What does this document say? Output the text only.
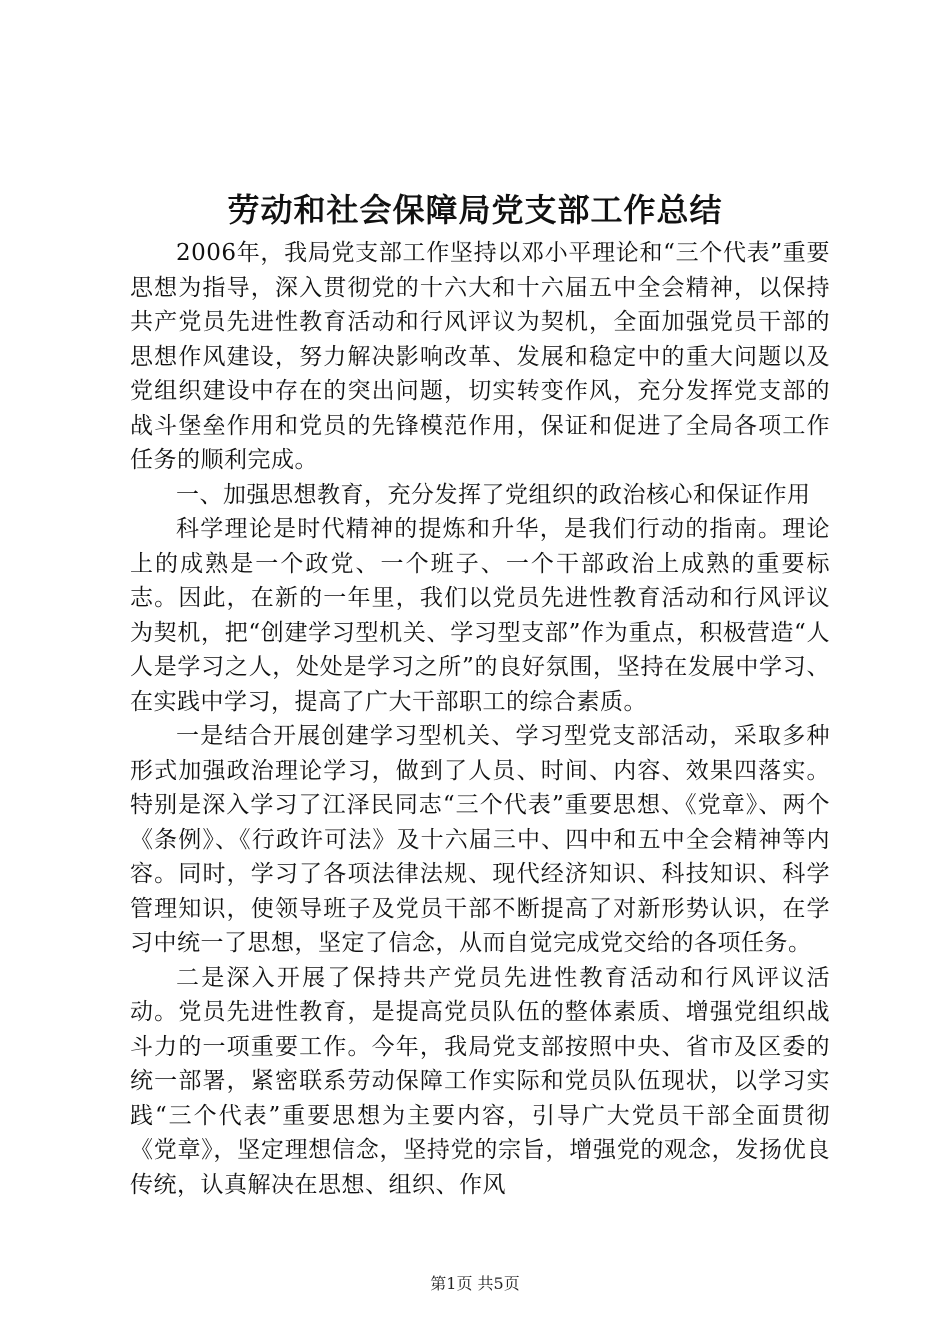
劳动和社会保障局党支部工作总结

2006年，我局党支部工作坚持以邓小平理论和“三个代表”重要思想为指导，深入贯彻党的十六大和十六届五中全会精神，以保持共产党员先进性教育活动和行风评议为契机，全面加强党员干部的思想作风建设，努力解决影响改革、发展和稳定中的重大问题以及党组织建设中存在的突出问题，切实转变作风，充分发挥党支部的战斗堡垒作用和党员的先锋模范作用，保证和促进了全局各项工作任务的顺利完成。

一、加强思想教育，充分发挥了党组织的政治核心和保证作用

科学理论是时代精神的提炼和升华，是我们行动的指南。理论上的成熟是一个政党、一个班子、一个干部政治上成熟的重要标志。因此，在新的一年里，我们以党员先进性教育活动和行风评议为契机，把“创建学习型机关、学习型支部”作为重点，积极营造“人人是学习之人，处处是学习之所”的良好氛围，坚持在发展中学习、在实践中学习，提高了广大干部职工的综合素质。

一是结合开展创建学习型机关、学习型党支部活动，采取多种形式加强政治理论学习，做到了人员、时间、内容、效果四落实。特别是深入学习了江泽民同志“三个代表”重要思想、《党章》、两个《条例》、《行政许可法》及十六届三中、四中和五中全会精神等内容。同时，学习了各项法律法规、现代经济知识、科技知识、科学管理知识，使领导班子及党员干部不断提高了对新形势认识，在学习中统一了思想，坚定了信念，从而自觉完成党交给的各项任务。

二是深入开展了保持共产党员先进性教育活动和行风评议活动。党员先进性教育，是提高党员队伍的整体素质、增强党组织战斗力的一项重要工作。今年，我局党支部按照中央、省市及区委的统一部署，紧密联系劳动保障工作实际和党员队伍现状，以学习实践“三个代表”重要思想为主要内容，引导广大党员干部全面贯彻《党章》，坚定理想信念，坚持党的宗旨，增强党的观念，发扬优良传统，认真解决在思想、组织、作风

第1页 共5页
